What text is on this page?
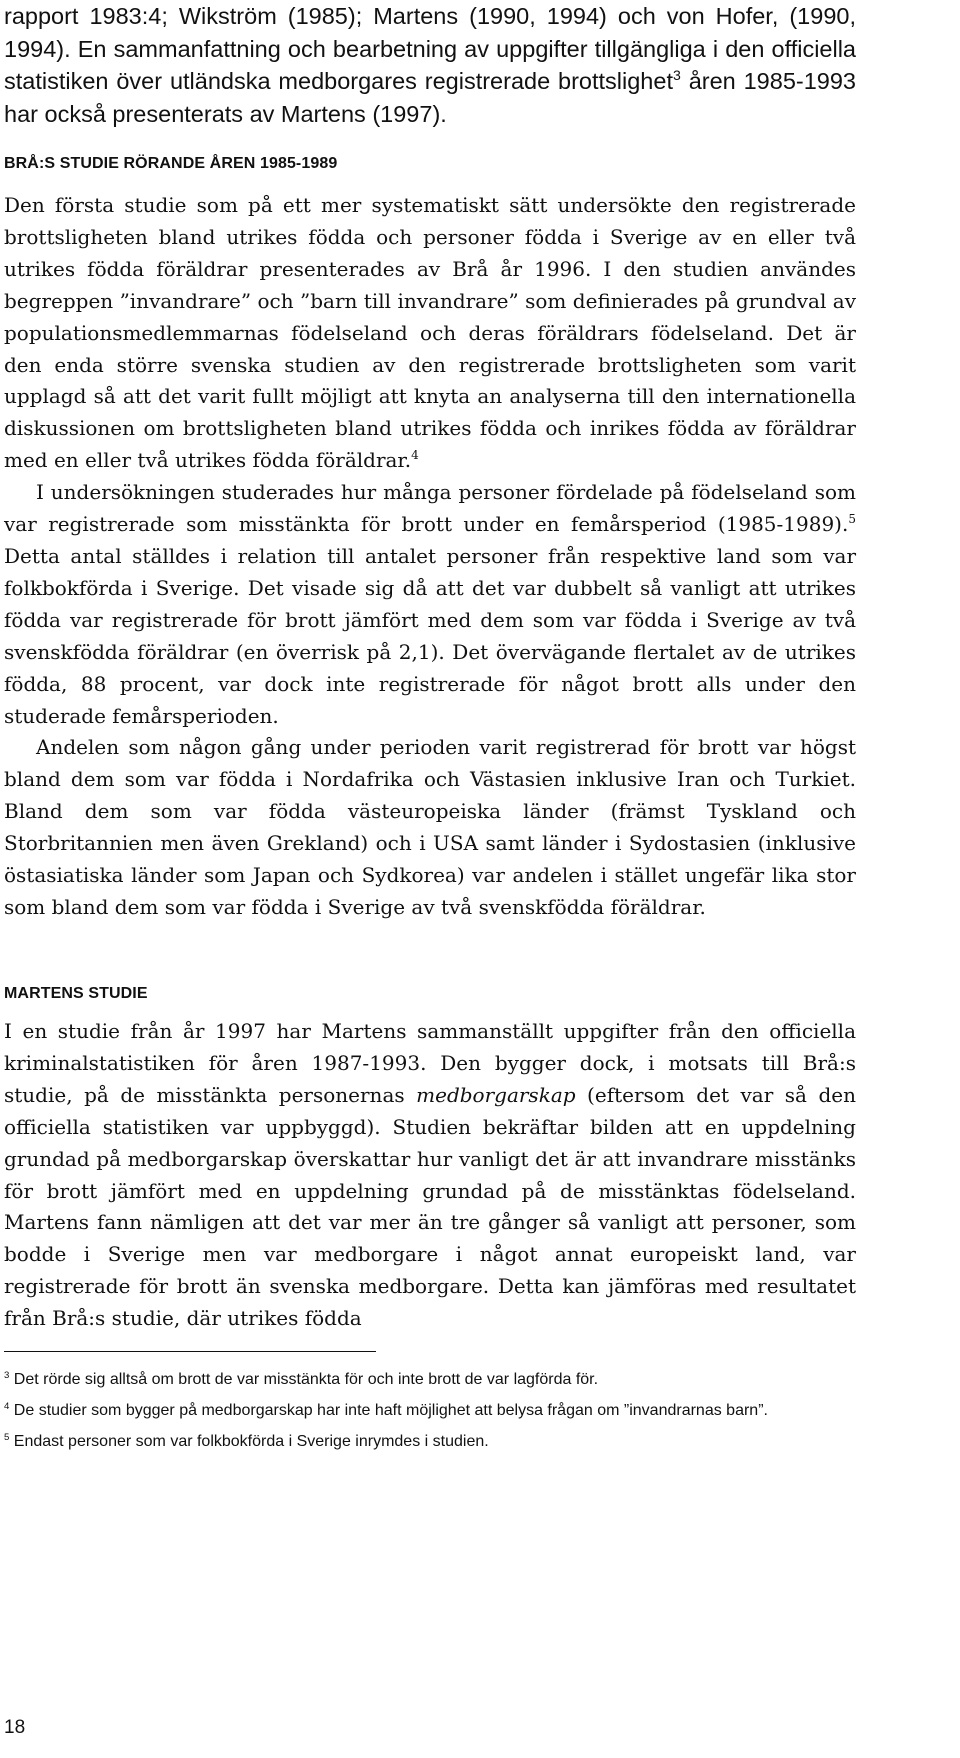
rapport 1983:4; Wikström (1985); Martens (1990, 1994) och von Hofer, (1990, 1994). En sammanfattning och bearbetning av uppgifter tillgängliga i den officiella statistiken över utländska medborgares registrerade brottslighet$^3$ åren 1985-1993 har också presenterats av Martens (1997).

BRÅ:S STUDIE RÖRANDE ÅREN 1985-1989

Den första studie som på ett mer systematiskt sätt undersökte den registrerade brottsligheten bland utrikes födda och personer födda i Sverige av en eller två utrikes födda föräldrar presenterades av Brå år 1996. I den studien användes begreppen ”invandrare” och ”barn till invandrare” som definierades på grundval av populationsmedlemmarnas födelseland och deras föräldrars födelseland. Det är den enda större svenska studien av den registrerade brottsligheten som varit upplagd så att det varit fullt möjligt att knyta an analyserna till den internationella diskussionen om brottsligheten bland utrikes födda och inrikes födda av föräldrar med en eller två utrikes födda föräldrar.$^4$

I undersökningen studerades hur många personer fördelade på födelseland som var registrerade som misstänkta för brott under en femårsperiod (1985-1989).$^5$ Detta antal ställdes i relation till antalet personer från respektive land som var folkbokförda i Sverige. Det visade sig då att det var dubbelt så vanligt att utrikes födda var registrerade för brott jämfört med dem som var födda i Sverige av två svenskfödda föräldrar (en överrisk på 2,1). Det övervägande flertalet av de utrikes födda, 88 procent, var dock inte registrerade för något brott alls under den studerade femårsperioden.

Andelen som någon gång under perioden varit registrerad för brott var högst bland dem som var födda i Nordafrika och Västasien inklusive Iran och Turkiet. Bland dem som var födda västeuropeiska länder (främst Tyskland och Storbritannien men även Grekland) och i USA samt länder i Sydostasien (inklusive östasiatiska länder som Japan och Sydkorea) var andelen i stället ungefär lika stor som bland dem som var födda i Sverige av två svenskfödda föräldrar.

MARTENS STUDIE

I en studie från år 1997 har Martens sammanställt uppgifter från den officiella kriminalstatistiken för åren 1987-1993. Den bygger dock, i motsats till Brå:s studie, på de misstänkta personernas medborgarskap (eftersom det var så den officiella statistiken var uppbyggd). Studien bekräftar bilden att en uppdelning grundad på medborgarskap överskattar hur vanligt det är att invandrare misstänks för brott jämfört med en uppdelning grundad på de misstänktas födelseland. Martens fann nämligen att det var mer än tre gånger så vanligt att personer, som bodde i Sverige men var medborgare i något annat europeiskt land, var registrerade för brott än svenska medborgare. Detta kan jämföras med resultatet från Brå:s studie, där utrikes födda

$^3$ Det rörde sig alltså om brott de var misstänkta för och inte brott de var lagförda för.

$^4$ De studier som bygger på medborgarskap har inte haft möjlighet att belysa frågan om ”invandrarnas barn”.

$^5$ Endast personer som var folkbokförda i Sverige inrymdes i studien.

18
